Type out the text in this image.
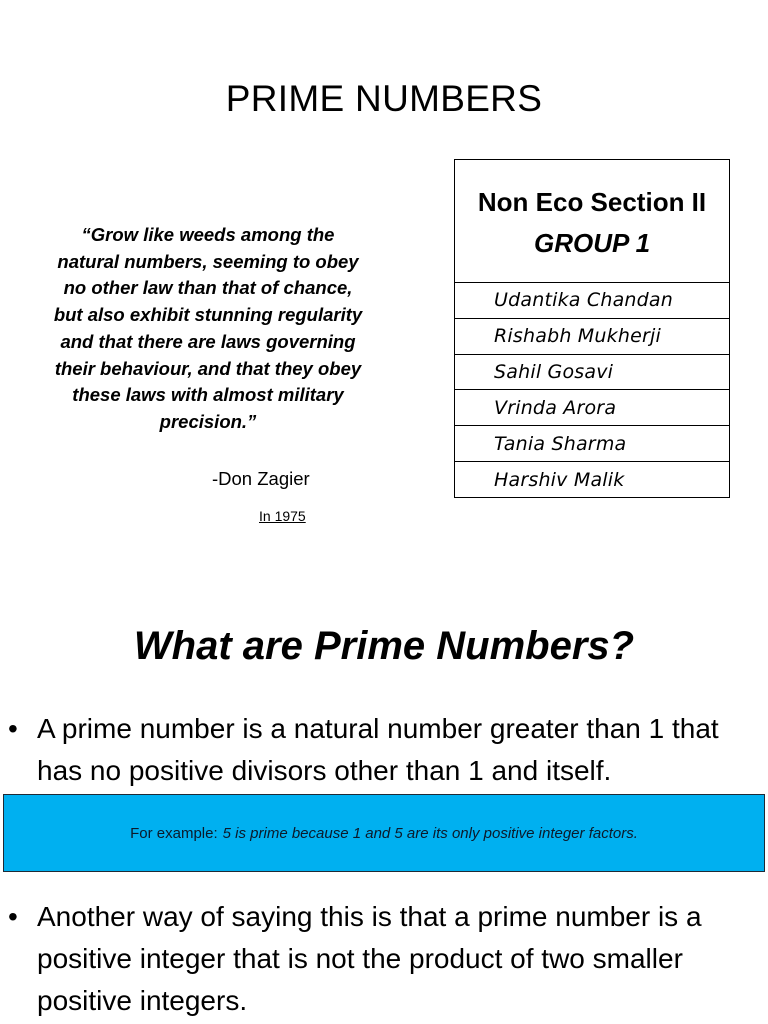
PRIME NUMBERS
“Grow like weeds among the natural numbers, seeming to obey no other law than that of chance, but also exhibit stunning regularity and that there are laws governing their behaviour, and that they obey these laws with almost military precision.”
-Don Zagier
In 1975
Non Eco Section II
GROUP 1
Udantika Chandan
Rishabh Mukherji
Sahil Gosavi
Vrinda Arora
Tania Sharma
Harshiv Malik
What are Prime Numbers?
• A prime number is a natural number greater than 1 that has no positive divisors other than 1 and itself.
For example: 5 is prime because 1 and 5 are its only positive integer factors.
• Another way of saying this is that a prime number is a positive integer that is not the product of two smaller positive integers.
